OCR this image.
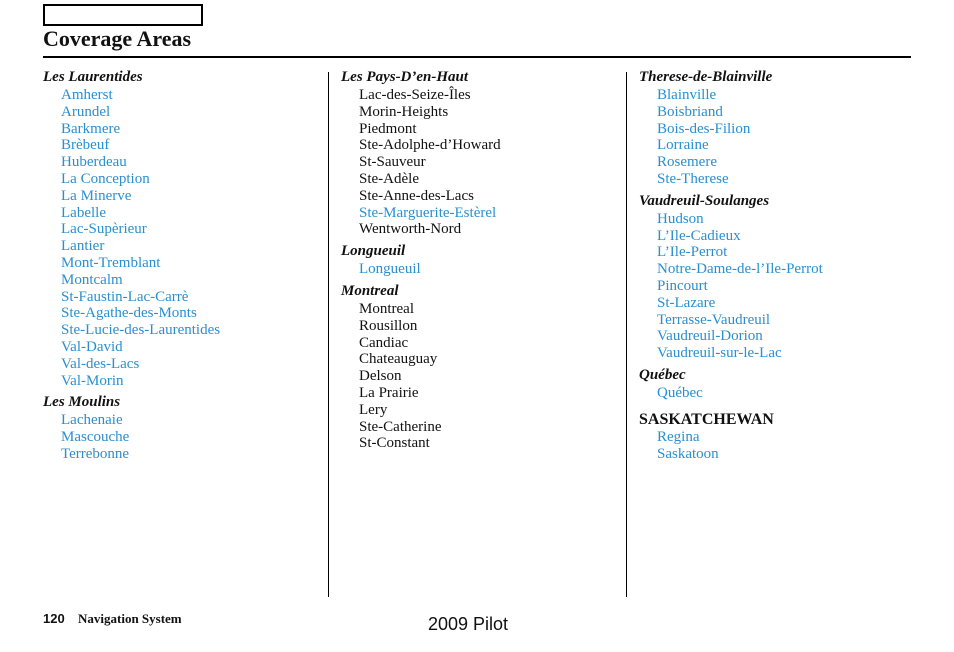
Coverage Areas
Les Laurentides
Amherst
Arundel
Barkmere
Brèbeuf
Huberdeau
La Conception
La Minerve
Labelle
Lac-Supèrieur
Lantier
Mont-Tremblant
Montcalm
St-Faustin-Lac-Carrè
Ste-Agathe-des-Monts
Ste-Lucie-des-Laurentides
Val-David
Val-des-Lacs
Val-Morin
Les Moulins
Lachenaie
Mascouche
Terrebonne
Les Pays-D’en-Haut
Lac-des-Seize-Îles
Morin-Heights
Piedmont
Ste-Adolphe-d’Howard
St-Sauveur
Ste-Adèle
Ste-Anne-des-Lacs
Ste-Marguerite-Estèrel
Wentworth-Nord
Longueuil
Longueuil
Montreal
Montreal
Rousillon
Candiac
Chateauguay
Delson
La Prairie
Lery
Ste-Catherine
St-Constant
Therese-de-Blainville
Blainville
Boisbriand
Bois-des-Filion
Lorraine
Rosemere
Ste-Therese
Vaudreuil-Soulanges
Hudson
L’Ile-Cadieux
L’Ile-Perrot
Notre-Dame-de-l’Ile-Perrot
Pincourt
St-Lazare
Terrasse-Vaudreuil
Vaudreuil-Dorion
Vaudreuil-sur-le-Lac
Québec
Québec
SASKATCHEWAN
Regina
Saskatoon
120 Navigation System	2009 Pilot
